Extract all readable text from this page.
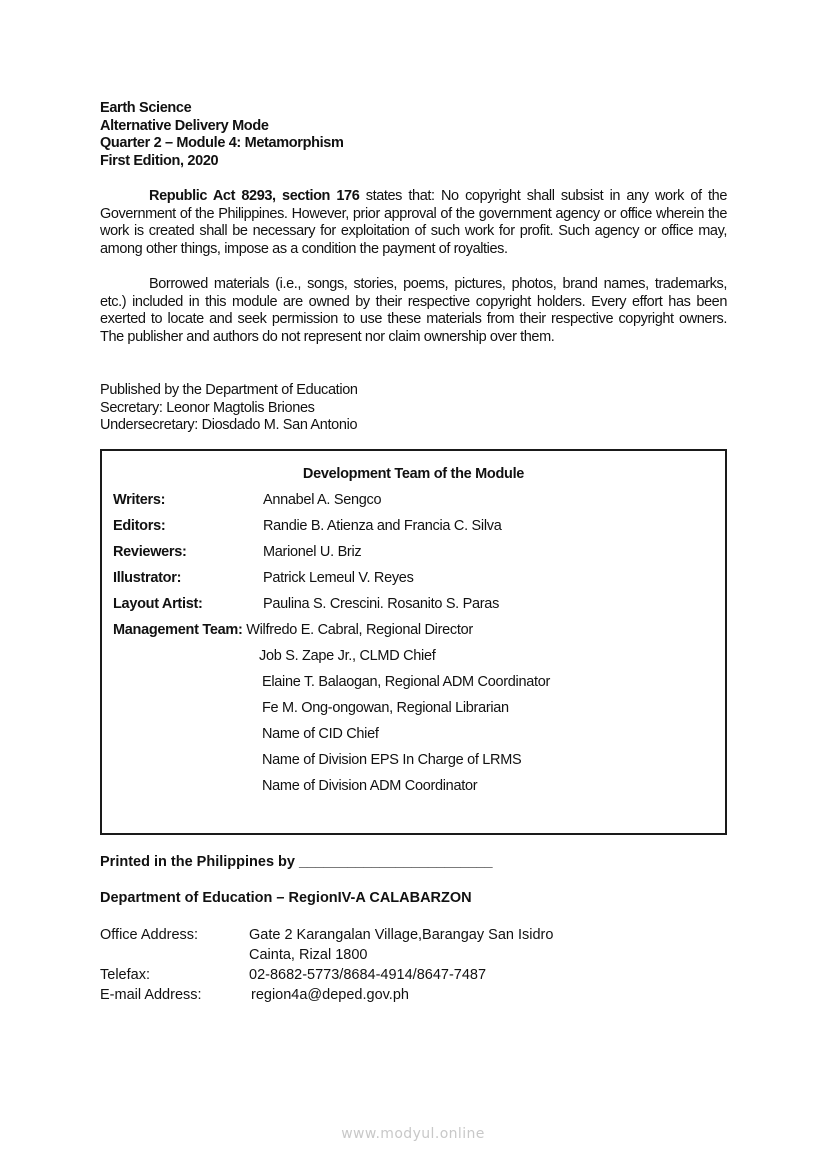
Earth Science
Alternative Delivery Mode
Quarter 2 – Module 4: Metamorphism
First Edition, 2020
Republic Act 8293, section 176 states that: No copyright shall subsist in any work of the Government of the Philippines. However, prior approval of the government agency or office wherein the work is created shall be necessary for exploitation of such work for profit. Such agency or office may, among other things, impose as a condition the payment of royalties.
Borrowed materials (i.e., songs, stories, poems, pictures, photos, brand names, trademarks, etc.) included in this module are owned by their respective copyright holders. Every effort has been exerted to locate and seek permission to use these materials from their respective copyright owners. The publisher and authors do not represent nor claim ownership over them.
Published by the Department of Education
Secretary: Leonor Magtolis Briones
Undersecretary: Diosdado M. San Antonio
Development Team of the Module
Writers:	Annabel A. Sengco
Editors:	Randie B. Atienza and Francia C. Silva
Reviewers:	Marionel U. Briz
Illustrator:	Patrick Lemeul V. Reyes
Layout Artist:	Paulina S. Crescini. Rosanito S. Paras
Management Team: Wilfredo E. Cabral, Regional Director
Job S. Zape Jr., CLMD Chief
Elaine T. Balaogan, Regional ADM Coordinator
Fe M. Ong-ongowan, Regional Librarian
Name of CID Chief
Name of Division EPS In Charge of LRMS
Name of Division ADM Coordinator
Printed in the Philippines by ________________________
Department of Education – RegionIV-A CALABARZON
Office Address:	Gate 2 Karangalan Village,Barangay San Isidro
Cainta, Rizal 1800
Telefax:	02-8682-5773/8684-4914/8647-7487
E-mail Address:	region4a@deped.gov.ph
www.modyul.online
